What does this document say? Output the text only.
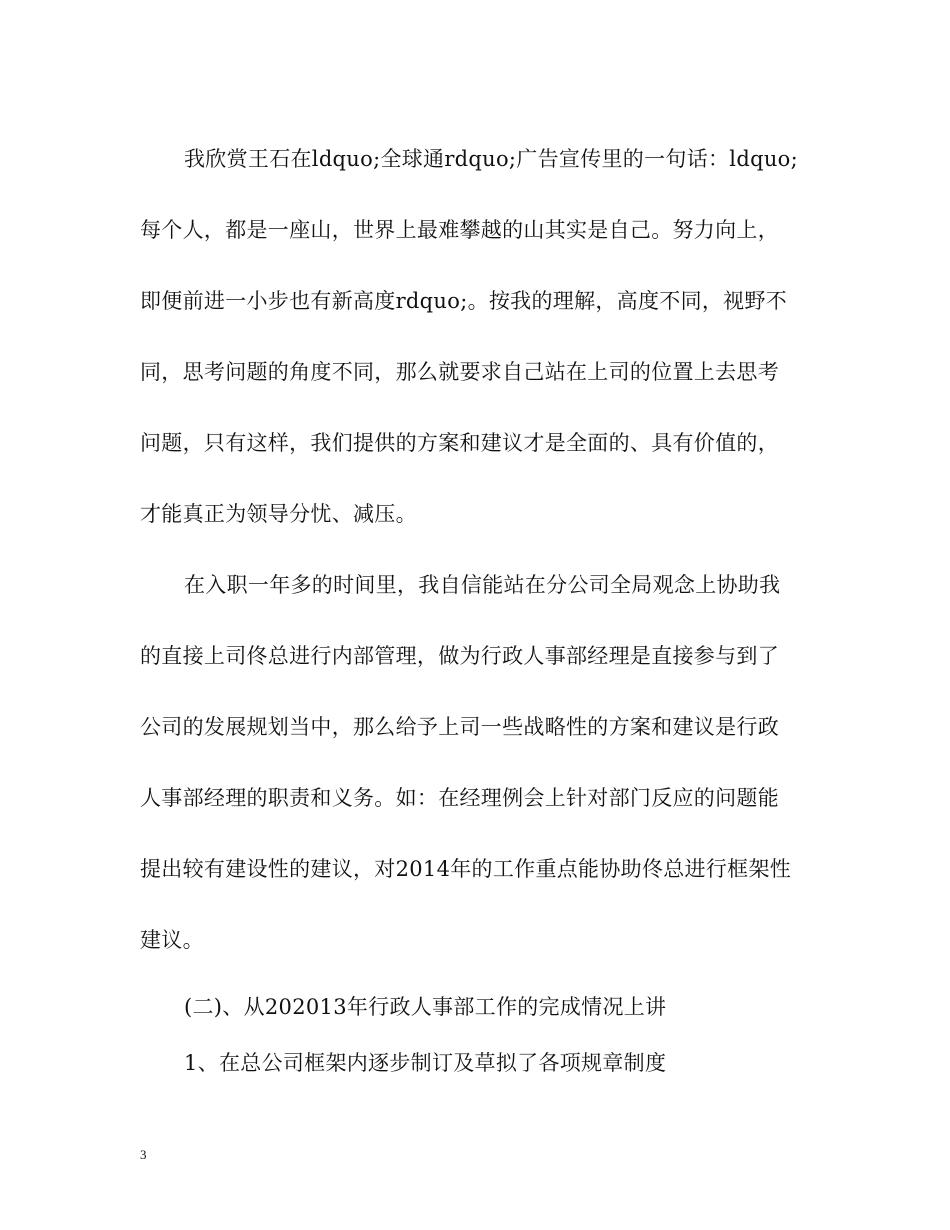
我欣赏王石在ldquo;全球通rdquo;广告宣传里的一句话：ldquo;
每个人，都是一座山，世界上最难攀越的山其实是自己。努力向上，
即便前进一小步也有新高度rdquo;。按我的理解，高度不同，视野不
同，思考问题的角度不同，那么就要求自己站在上司的位置上去思考
问题，只有这样，我们提供的方案和建议才是全面的、具有价值的，
才能真正为领导分忧、减压。
在入职一年多的时间里，我自信能站在分公司全局观念上协助我
的直接上司佟总进行内部管理，做为行政人事部经理是直接参与到了
公司的发展规划当中，那么给予上司一些战略性的方案和建议是行政
人事部经理的职责和义务。如：在经理例会上针对部门反应的问题能
提出较有建设性的建议，对2014年的工作重点能协助佟总进行框架性
建议。
(二)、从202013年行政人事部工作的完成情况上讲
1、在总公司框架内逐步制订及草拟了各项规章制度
3
